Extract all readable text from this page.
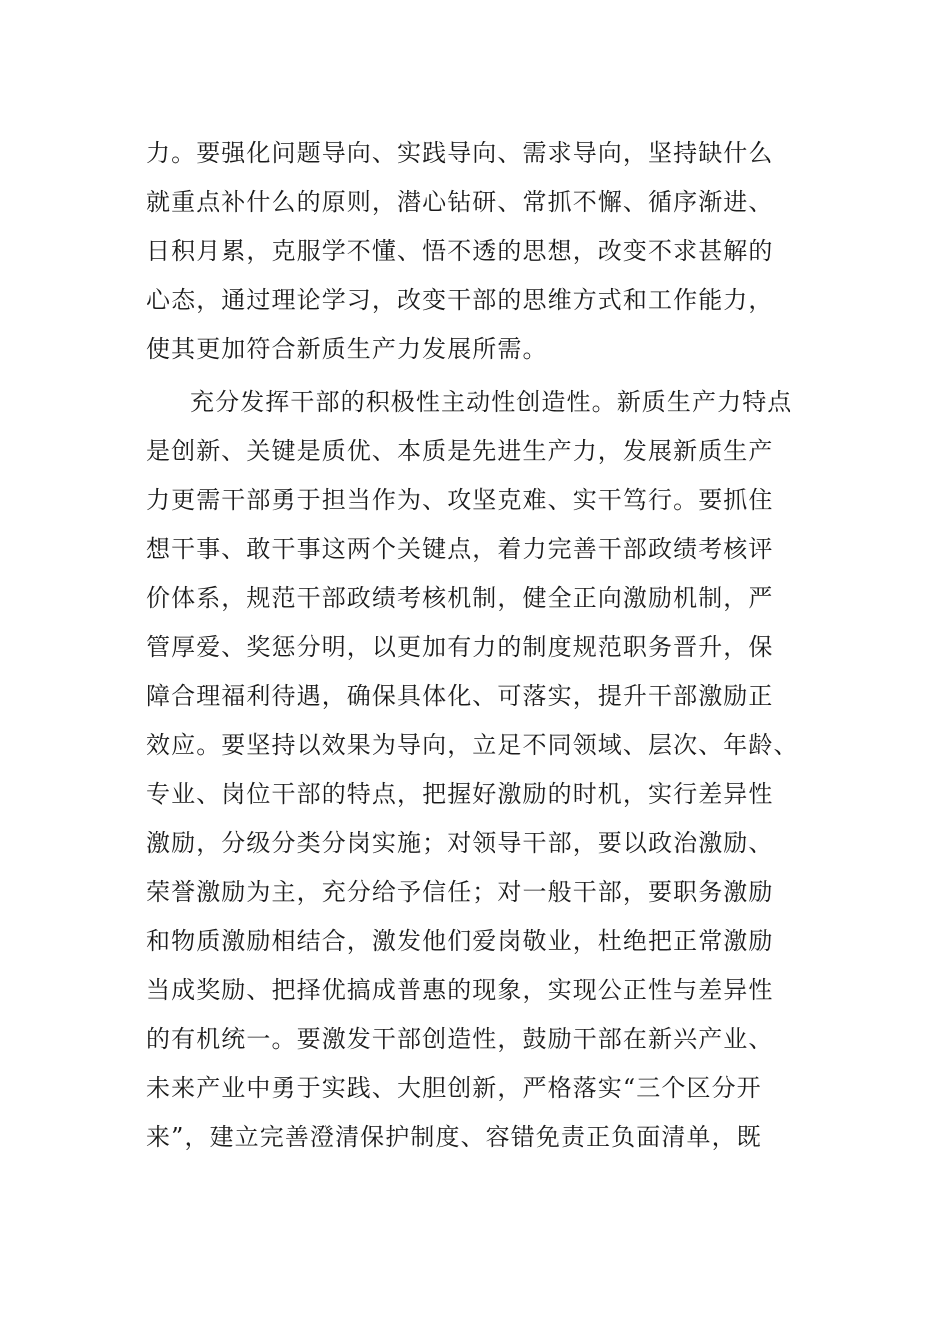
力。要强化问题导向、实践导向、需求导向，坚持缺什么
就重点补什么的原则，潜心钻研、常抓不懈、循序渐进、
日积月累，克服学不懂、悟不透的思想，改变不求甚解的
心态，通过理论学习，改变干部的思维方式和工作能力，
使其更加符合新质生产力发展所需。
充分发挥干部的积极性主动性创造性。新质生产力特点
是创新、关键是质优、本质是先进生产力，发展新质生产
力更需干部勇于担当作为、攻坚克难、实干笃行。要抓住
想干事、敢干事这两个关键点，着力完善干部政绩考核评
价体系，规范干部政绩考核机制，健全正向激励机制，严
管厚爱、奖惩分明，以更加有力的制度规范职务晋升，保
障合理福利待遇，确保具体化、可落实，提升干部激励正
效应。要坚持以效果为导向，立足不同领域、层次、年龄、
专业、岗位干部的特点，把握好激励的时机，实行差异性
激励，分级分类分岗实施；对领导干部，要以政治激励、
荣誉激励为主，充分给予信任；对一般干部，要职务激励
和物质激励相结合，激发他们爱岗敬业，杜绝把正常激励
当成奖励、把择优搞成普惠的现象，实现公正性与差异性
的有机统一。要激发干部创造性，鼓励干部在新兴产业、
未来产业中勇于实践、大胆创新，严格落实“三个区分开
来”，建立完善澄清保护制度、容错免责正负面清单，既
